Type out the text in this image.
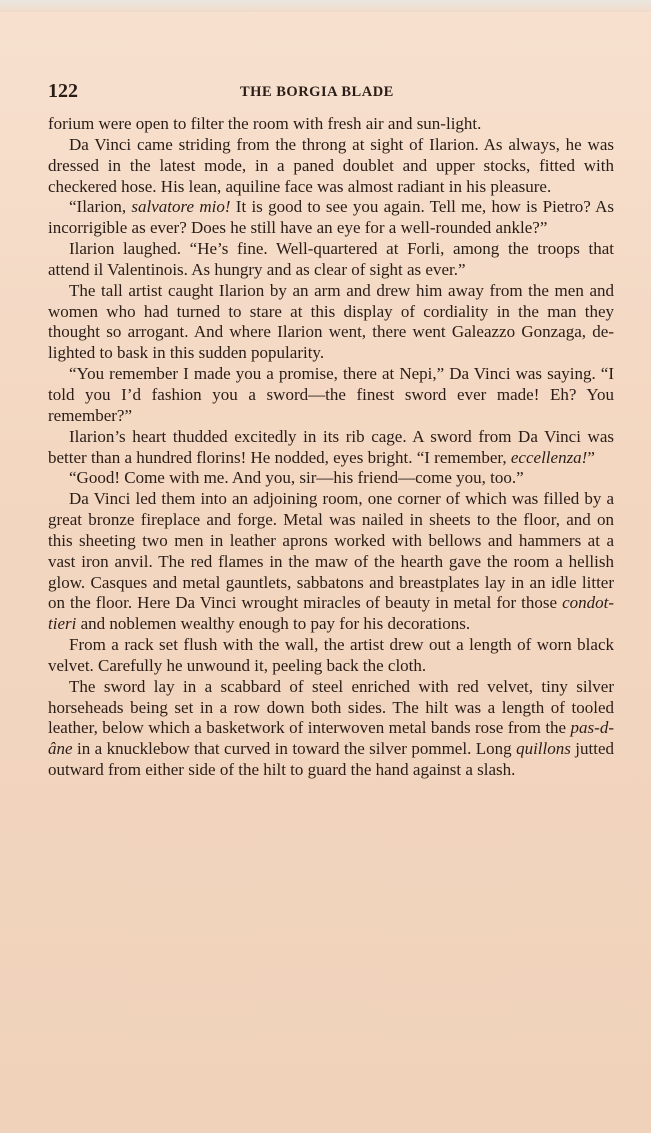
122	THE BORGIA BLADE

forium were open to filter the room with fresh air and sun-light.

Da Vinci came striding from the throng at sight of Ilarion. As always, he was dressed in the latest mode, in a paned doublet and upper stocks, fitted with checkered hose. His lean, aquiline face was almost radiant in his pleasure.

“Ilarion, salvatore mio! It is good to see you again. Tell me, how is Pietro? As incorrigible as ever? Does he still have an eye for a well-rounded ankle?”

Ilarion laughed. “He’s fine. Well-quartered at Forli, among the troops that attend il Valentinois. As hungry and as clear of sight as ever.”

The tall artist caught Ilarion by an arm and drew him away from the men and women who had turned to stare at this display of cordiality in the man they thought so arrogant. And where Ilarion went, there went Galeazzo Gonzaga, de-lighted to bask in this sudden popularity.

“You remember I made you a promise, there at Nepi,” Da Vinci was saying. “I told you I’d fashion you a sword—the finest sword ever made! Eh? You remember?”

Ilarion’s heart thudded excitedly in its rib cage. A sword from Da Vinci was better than a hundred florins! He nodded, eyes bright. “I remember, eccellenza!”

“Good! Come with me. And you, sir—his friend—come you, too.”

Da Vinci led them into an adjoining room, one corner of which was filled by a great bronze fireplace and forge. Metal was nailed in sheets to the floor, and on this sheeting two men in leather aprons worked with bellows and hammers at a vast iron anvil. The red flames in the maw of the hearth gave the room a hellish glow. Casques and metal gauntlets, sabbatons and breastplates lay in an idle litter on the floor. Here Da Vinci wrought miracles of beauty in metal for those condot-tieri and noblemen wealthy enough to pay for his decorations.

From a rack set flush with the wall, the artist drew out a length of worn black velvet. Carefully he unwound it, peeling back the cloth.

The sword lay in a scabbard of steel enriched with red velvet, tiny silver horseheads being set in a row down both sides. The hilt was a length of tooled leather, below which a basketwork of interwoven metal bands rose from the pas-d-âne in a knucklebow that curved in toward the silver pommel. Long quillons jutted outward from either side of the hilt to guard the hand against a slash.
